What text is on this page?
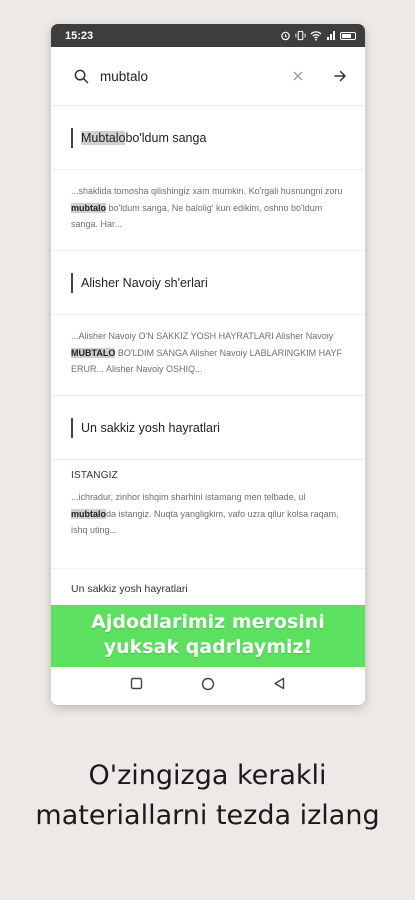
15:23
mubtalo
Mubtalo bo'ldum sanga
...shaklida tomosha qilishingiz xam mumkin. Ko'rgali husnungni zoru mubtalo bo'ldum sanga, Ne balolig' kun edikim, oshno bo'ldum sanga. Har...
Alisher Navoiy sh'erlari
...Alisher Navoiy O'N SAKKIZ YOSH HAYRATLARI Alisher Navoiy MUBTALO BO'LDIM SANGA Alisher Navoiy LABLARINGKIM HAYF ERUR... Alisher Navoiy OSHIQ...
Un sakkiz yosh hayratlari
ISTANGIZ
...ichradur, zinhor ishqim sharhini istamang men telbade, ul mubtaloda istangiz. Nuqta yangligkim, vafo uzra qilur kolsa raqam, ishq uting...
Un sakkiz yosh hayratlari
Ajdodlarimiz merosini
yuksak qadrlaymiz!
O'zingizga kerakli
materiallarni tezda izlang
